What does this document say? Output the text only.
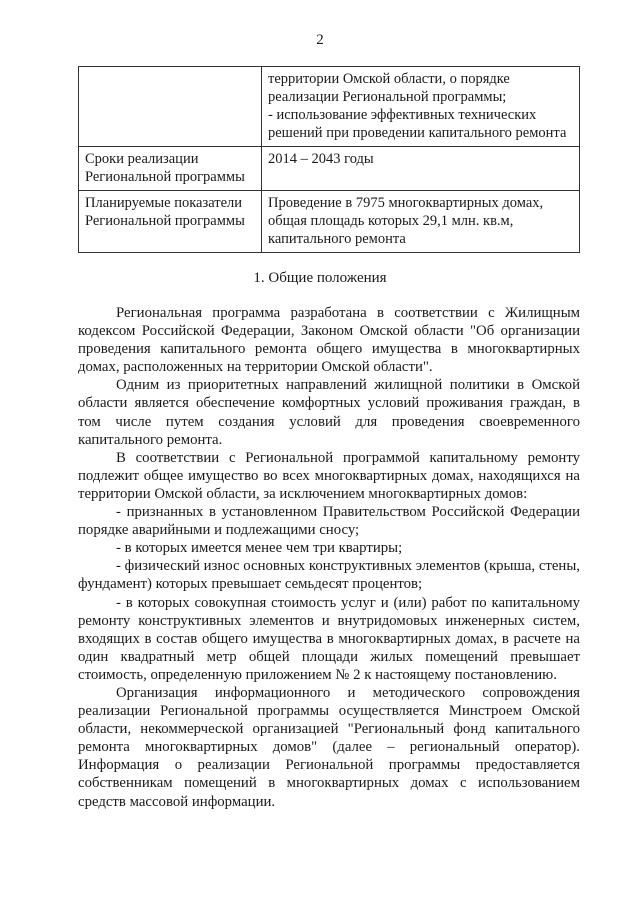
2

	территории Омской области, о порядке реализации Региональной программы;
- использование эффективных технических решений при проведении капитального ремонта

Сроки реализации Региональной программы	2014 – 2043 годы

Планируемые показатели Региональной программы	Проведение в 7975 многоквартирных домах, общая площадь которых 29,1 млн. кв.м, капитального ремонта
1. Общие положения

Региональная программа разработана в соответствии с Жилищным кодексом Российской Федерации, Законом Омской области "Об организации проведения капитального ремонта общего имущества в многоквартирных домах, расположенных на территории Омской области".

Одним из приоритетных направлений жилищной политики в Омской области является обеспечение комфортных условий проживания граждан, в том числе путем создания условий для проведения своевременного капитального ремонта.

В соответствии с Региональной программой капитальному ремонту подлежит общее имущество во всех многоквартирных домах, находящихся на территории Омской области, за исключением многоквартирных домов:

- признанных в установленном Правительством Российской Федерации порядке аварийными и подлежащими сносу;

- в которых имеется менее чем три квартиры;

- физический износ основных конструктивных элементов (крыша, стены, фундамент) которых превышает семьдесят процентов;

- в которых совокупная стоимость услуг и (или) работ по капитальному ремонту конструктивных элементов и внутридомовых инженерных систем, входящих в состав общего имущества в многоквартирных домах, в расчете на один квадратный метр общей площади жилых помещений превышает стоимость, определенную приложением № 2 к настоящему постановлению.

Организация информационного и методического сопровождения реализации Региональной программы осуществляется Минстроем Омской области, некоммерческой организацией "Региональный фонд капитального ремонта многоквартирных домов" (далее – региональный оператор). Информация о реализации Региональной программы предоставляется собственникам помещений в многоквартирных домах с использованием средств массовой информации.
